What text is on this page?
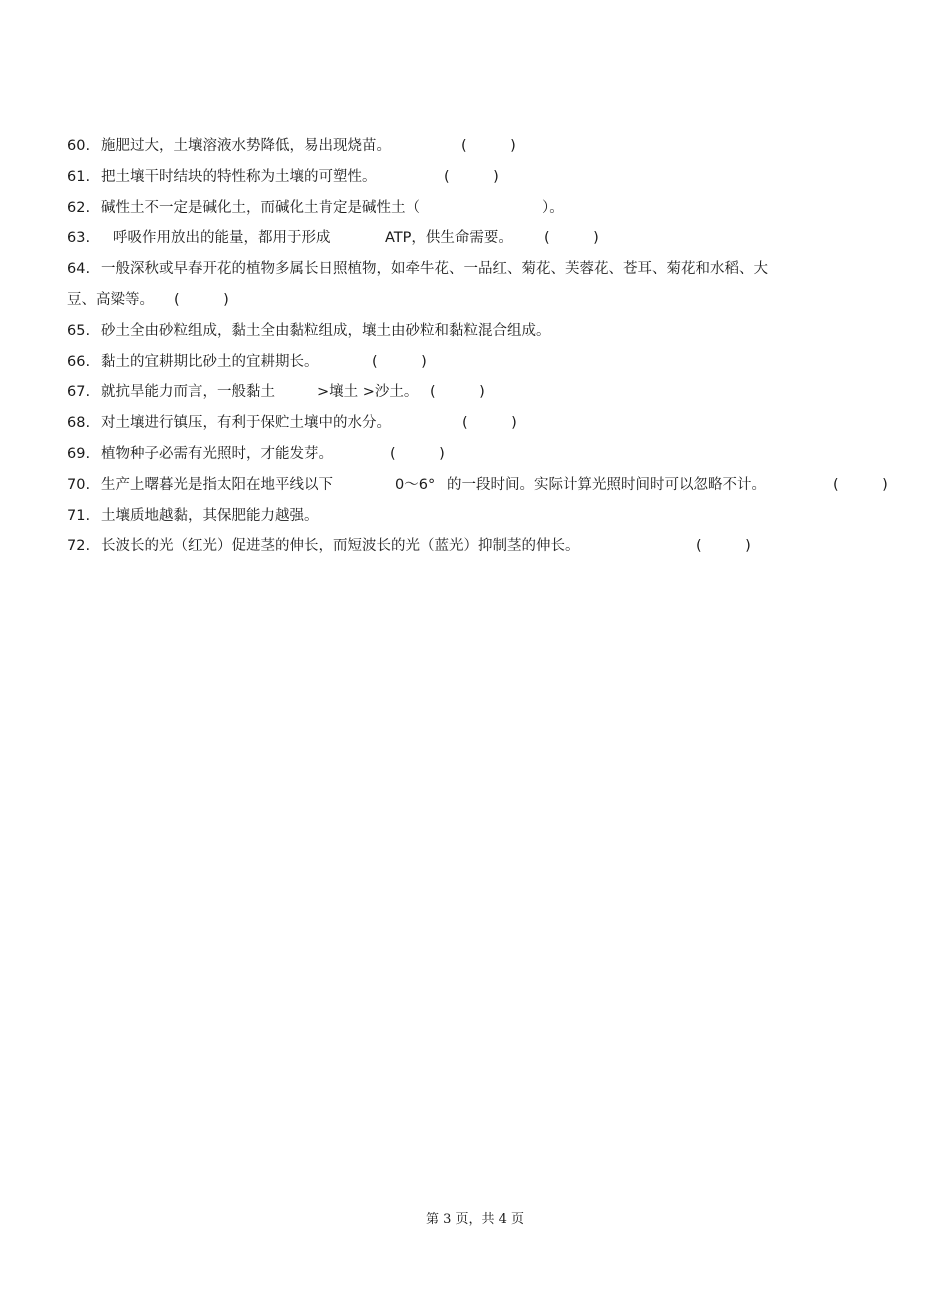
60. 施肥过大，土壤溶液水势降低，易出现烧苗。	(   )
61. 把土壤干时结块的特性称为土壤的可塑性。	(   )
62. 碱性土不一定是碱化土，而碱化土肯定是碱性土（	）。
63. 呼吸作用放出的能量，都用于形成	ATP，供生命需要。 (   )
64. 一般深秋或早春开花的植物多属长日照植物，如牵牛花、一品红、菊花、芙蓉花、苍耳、菊花和水稻、大
豆、高粱等。 (   )
65. 砂土全由砂粒组成，黏土全由黏粒组成，壤土由砂粒和黏粒混合组成。
66. 黏土的宜耕期比砂土的宜耕期长。	(   )
67. 就抗旱能力而言，一般黏土	>壤土 >沙土。 (   )
68. 对土壤进行镇压，有利于保贮土壤中的水分。	(   )
69. 植物种子必需有光照时，才能发芽。	(   )
70. 生产上曙暮光是指太阳在地平线以下	0～6° 的一段时间。实际计算光照时间时可以忽略不计。	(   )
71. 土壤质地越黏，其保肥能力越强。
72. 长波长的光（红光）促进茎的伸长，而短波长的光（蓝光）抑制茎的伸长。	(   )
第 3 页，共 4 页
